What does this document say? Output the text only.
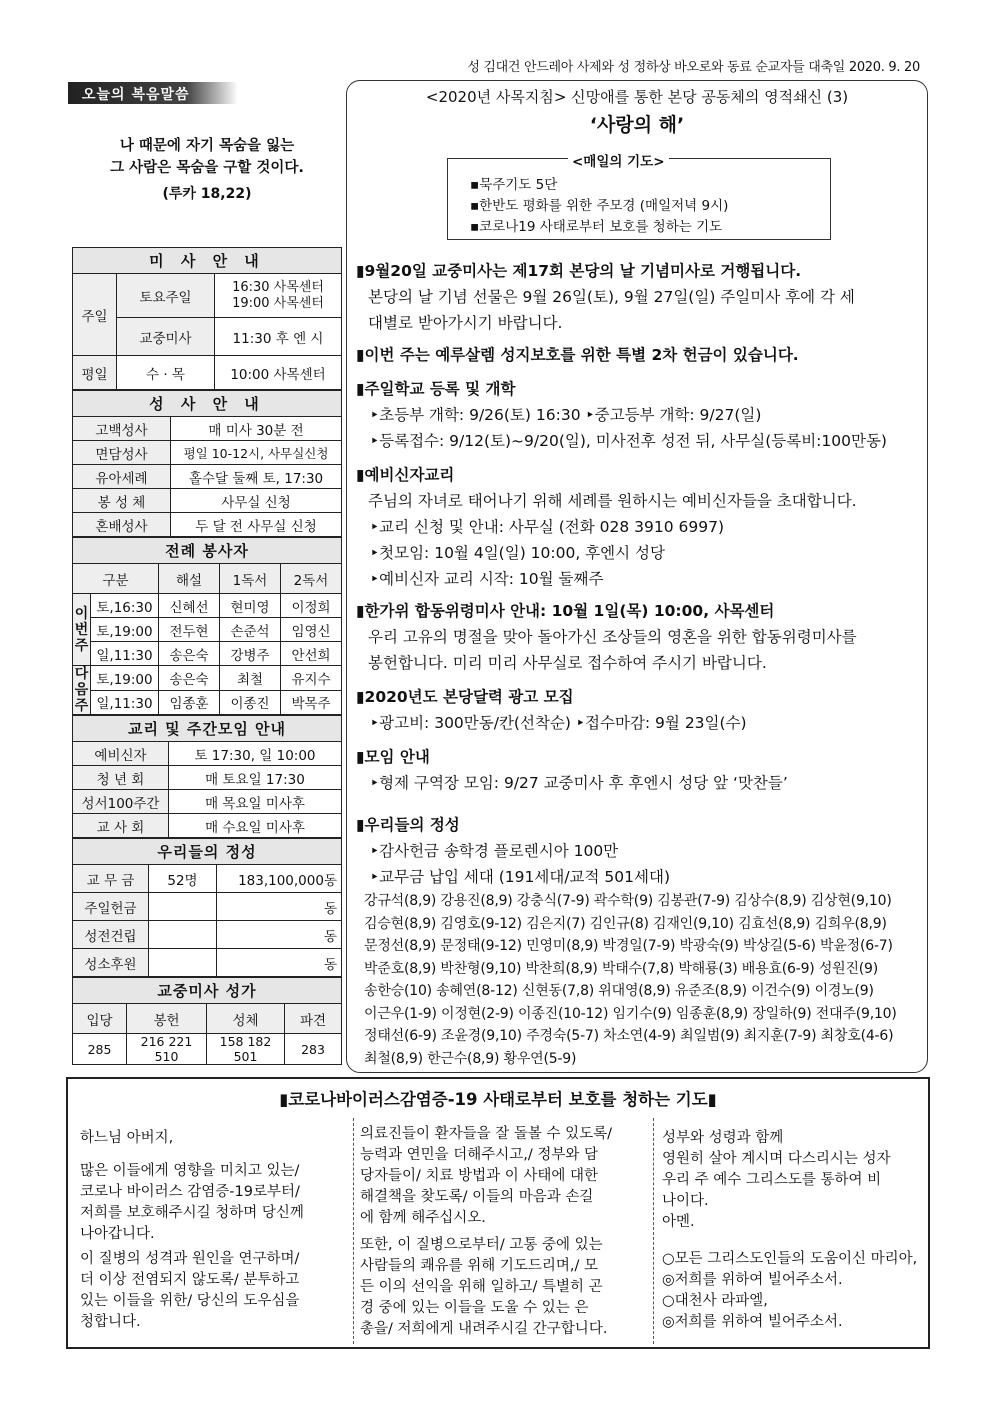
성 김대건 안드레아 사제와 성 정하상 바오로와 동료 순교자들 대축일 2020. 9. 20
오늘의 복음말씀
나 때문에 자기 목숨을 잃는
그 사람은 목숨을 구할 것이다.
(루카 18,22)
미 사 안 내		
주일	토요주일	16:30 사목센터
19:00 사목센터

	교중미사	11:30 후 엔 시
평일	수 · 목	10:00 사목센터
성 사 안 내	
고백성사	매 미사 30분 전
면담성사	평일 10-12시, 사무실신청
유아세례	홀수달 둘째 토, 17:30
봉 성 체	사무실 신청
혼배성사	두 달 전 사무실 신청
전례 봉사자				
구분		해설	1독서	2독서
이번주	토,16:30	신혜선	현미영	이정희
	토,19:00	전두현	손준석	임영신
	일,11:30	송은숙	강병주	안선희
다음주	토,19:00	송은숙	최철	유지수
	일,11:30	임종훈	이종진	박목주
교리 및 주간모임 안내	
예비신자	토 17:30, 일 10:00
청 년 회	매 토요일 17:30
성서100주간	매 목요일 미사후
교 사 회	매 수요일 미사후
우리들의 정성		
교 무 금	52명	183,100,000동
주일헌금		동
성전건립		동
성소후원		동
교중미사 성가			
입당	봉헌	성체	파견
285	216 221 510	158 182 501	283
<2020년 사목지침> 신망애를 통한 본당 공동체의 영적쇄신 (3)
‘사랑의 해’
<매일의 기도>
▪묵주기도 5단
▪한반도 평화를 위한 주모경 (매일저녁 9시)
▪코로나19 사태로부터 보호를 청하는 기도
▮9월20일 교중미사는 제17회 본당의 날 기념미사로 거행됩니다.
본당의 날 기념 선물은 9월 26일(토), 9월 27일(일) 주일미사 후에 각 세
대별로 받아가시기 바랍니다.
▮이번 주는 예루살렘 성지보호를 위한 특별 2차 헌금이 있습니다.
▮주일학교 등록 및 개학
‣초등부 개학: 9/26(토) 16:30 ‣중고등부 개학: 9/27(일)
‣등록접수: 9/12(토)~9/20(일), 미사전후 성전 뒤, 사무실(등록비:100만동)
▮예비신자교리
주님의 자녀로 태어나기 위해 세례를 원하시는 예비신자들을 초대합니다.
‣교리 신청 및 안내: 사무실 (전화 028 3910 6997)
‣첫모임: 10월 4일(일) 10:00, 후엔시 성당
‣예비신자 교리 시작: 10월 둘째주
▮한가위 합동위령미사 안내: 10월 1일(목) 10:00, 사목센터
우리 고유의 명절을 맞아 돌아가신 조상들의 영혼을 위한 합동위령미사를
봉헌합니다. 미리 미리 사무실로 접수하여 주시기 바랍니다.
▮2020년도 본당달력 광고 모집
‣광고비: 300만동/칸(선착순) ‣접수마감: 9월 23일(수)
▮모임 안내
‣형제 구역장 모임: 9/27 교중미사 후 후엔시 성당 앞 ‘맛찬들’
▮우리들의 정성
‣감사헌금 송학경 플로렌시아 100만
‣교무금 납입 세대 (191세대/교적 501세대)
강규석(8,9) 강용진(8,9) 강충식(7-9) 곽수학(9) 김봉관(7-9) 김상수(8,9) 김상현(9,10)
김승현(8,9) 김영호(9-12) 김은지(7) 김인규(8) 김재인(9,10) 김효선(8,9) 김희우(8,9)
문정선(8,9) 문정태(9-12) 민영미(8,9) 박경일(7-9) 박광숙(9) 박상길(5-6) 박윤정(6-7)
박준호(8,9) 박찬형(9,10) 박찬희(8,9) 박태수(7,8) 박해룡(3) 배용효(6-9) 성원진(9)
송한승(10) 송혜연(8-12) 신현동(7,8) 위대영(8,9) 유준조(8,9) 이건수(9) 이경노(9)
이근우(1-9) 이정현(2-9) 이종진(10-12) 임기수(9) 임종훈(8,9) 장일하(9) 전대주(9,10)
정태선(6-9) 조윤경(9,10) 주경숙(5-7) 차소연(4-9) 최일범(9) 최지훈(7-9) 최창호(4-6)
최철(8,9) 한근수(8,9) 황우연(5-9)
▮코로나바이러스감염증-19 사태로부터 보호를 청하는 기도▮
하느님 아버지,
많은 이들에게 영향을 미치고 있는/
코로나 바이러스 감염증-19로부터/
저희를 보호해주시길 청하며 당신께
나아갑니다.
이 질병의 성격과 원인을 연구하며/
더 이상 전염되지 않도록/ 분투하고
있는 이들을 위한/ 당신의 도우심을
청합니다.
의료진들이 환자들을 잘 돌볼 수 있도록/
능력과 연민을 더해주시고,/ 정부와 담
당자들이/ 치료 방법과 이 사태에 대한
해결책을 찾도록/ 이들의 마음과 손길
에 함께 해주십시오.
또한, 이 질병으로부터/ 고통 중에 있는
사람들의 쾌유를 위해 기도드리며,/ 모
든 이의 선익을 위해 일하고/ 특별히 곤
경 중에 있는 이들을 도울 수 있는 은
총을/ 저희에게 내려주시길 간구합니다.
성부와 성령과 함께
영원히 살아 계시며 다스리시는 성자
우리 주 예수 그리스도를 통하여 비
나이다.
아멘.
○모든 그리스도인들의 도움이신 마리아,
◎저희를 위하여 빌어주소서.
○대천사 라파엘,
◎저희를 위하여 빌어주소서.
